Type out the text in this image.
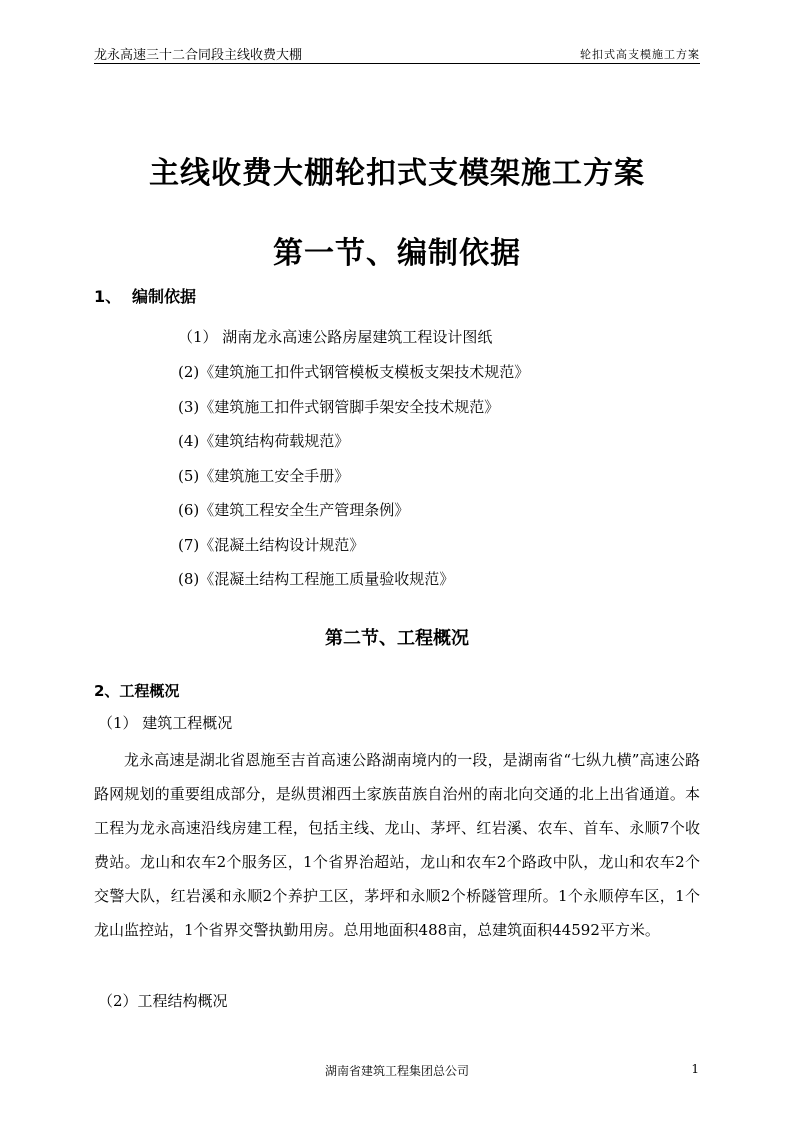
龙永高速三十二合同段主线收费大棚	轮扣式高支模施工方案
主线收费大棚轮扣式支模架施工方案
第一节、编制依据
1、 编制依据
（1） 湖南龙永高速公路房屋建筑工程设计图纸
(2)《建筑施工扣件式钢管模板支模板支架技术规范》
(3)《建筑施工扣件式钢管脚手架安全技术规范》
(4)《建筑结构荷载规范》
(5)《建筑施工安全手册》
(6)《建筑工程安全生产管理条例》
(7)《混凝土结构设计规范》
(8)《混凝土结构工程施工质量验收规范》
第二节、工程概况
2、工程概况
（1） 建筑工程概况
龙永高速是湖北省恩施至吉首高速公路湖南境内的一段，是湖南省“七纵九横”高速公路路网规划的重要组成部分，是纵贯湘西土家族苗族自治州的南北向交通的北上出省通道。本工程为龙永高速沿线房建工程，包括主线、龙山、茅坪、红岩溪、农车、首车、永顺7个收费站。龙山和农车2个服务区，1个省界治超站，龙山和农车2个路政中队，龙山和农车2个交警大队，红岩溪和永顺2个养护工区，茅坪和永顺2个桥隧管理所。1个永顺停车区，1个龙山监控站，1个省界交警执勤用房。总用地面积488亩，总建筑面积44592平方米。
（2）工程结构概况
湖南省建筑工程集团总公司	1
